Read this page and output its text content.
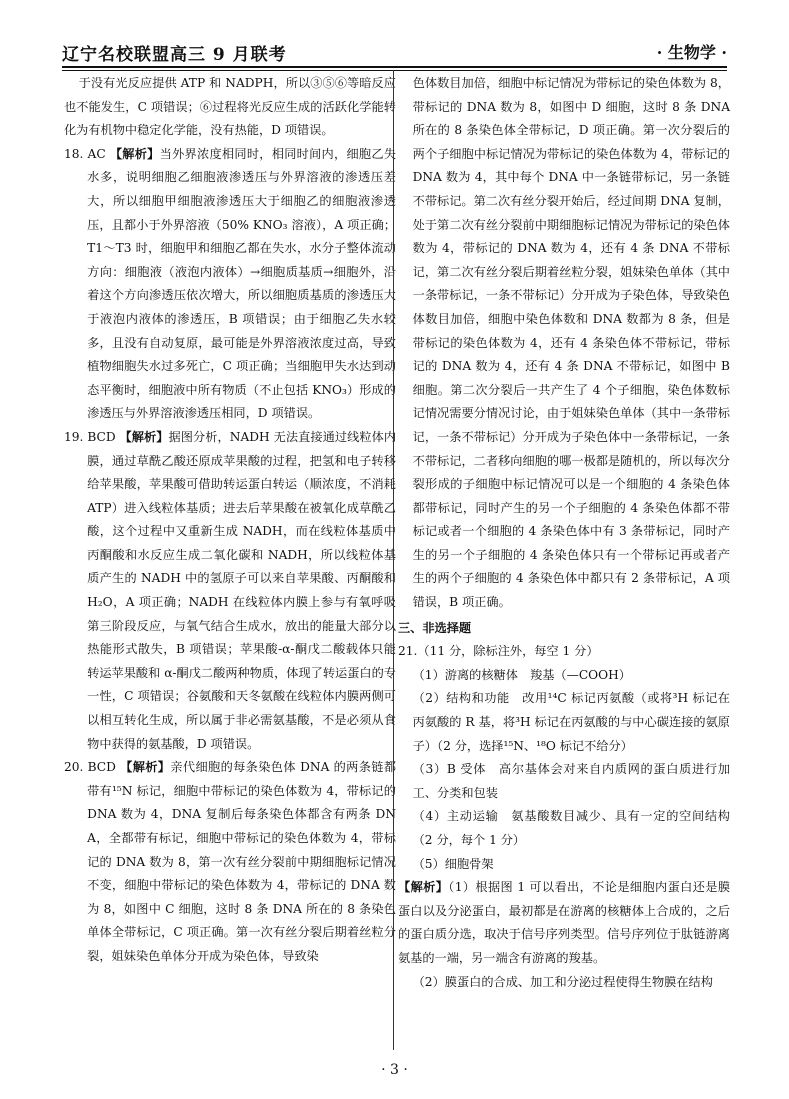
辽宁名校联盟高三 9 月联考	· 生物学 ·

于没有光反应提供 ATP 和 NADPH，所以③⑤⑥等暗反应也不能发生，C 项错误；⑥过程将光反应生成的活跃化学能转化为有机物中稳定化学能，没有热能，D 项错误。

18. AC 【解析】当外界浓度相同时，相同时间内，细胞乙失水多，说明细胞乙细胞液渗透压与外界溶液的渗透压差大，所以细胞甲细胞液渗透压大于细胞乙的细胞液渗透压，且都小于外界溶液（50% KNO₃ 溶液），A 项正确；T1～T3 时，细胞甲和细胞乙都在失水，水分子整体流动方向：细胞液（液泡内液体）→细胞质基质→细胞外，沿着这个方向渗透压依次增大，所以细胞质基质的渗透压大于液泡内液体的渗透压，B 项错误；由于细胞乙失水较多，且没有自动复原，最可能是外界溶液浓度过高，导致植物细胞失水过多死亡，C 项正确；当细胞甲失水达到动态平衡时，细胞液中所有物质（不止包括 KNO₃）形成的渗透压与外界溶液渗透压相同，D 项错误。

19. BCD 【解析】据图分析，NADH 无法直接通过线粒体内膜，通过草酰乙酸还原成苹果酸的过程，把氢和电子转移给苹果酸，苹果酸可借助转运蛋白转运（顺浓度，不消耗 ATP）进入线粒体基质；进去后苹果酸在被氧化成草酰乙酸，这个过程中又重新生成 NADH，而在线粒体基质中丙酮酸和水反应生成二氧化碳和 NADH，所以线粒体基质产生的 NADH 中的氢原子可以来自苹果酸、丙酮酸和 H₂O，A 项正确；NADH 在线粒体内膜上参与有氧呼吸第三阶段反应，与氧气结合生成水，放出的能量大部分以热能形式散失，B 项错误；苹果酸-α-酮戊二酸载体只能转运苹果酸和 α-酮戊二酸两种物质，体现了转运蛋白的专一性，C 项错误；谷氨酸和天冬氨酸在线粒体内膜两侧可以相互转化生成，所以属于非必需氨基酸，不是必须从食物中获得的氨基酸，D 项错误。

20. BCD 【解析】亲代细胞的每条染色体 DNA 的两条链都带有¹⁵N 标记，细胞中带标记的染色体数为 4，带标记的 DNA 数为 4，DNA 复制后每条染色体都含有两条 DNA，全都带有标记，细胞中带标记的染色体数为 4，带标记的 DNA 数为 8，第一次有丝分裂前中期细胞标记情况不变，细胞中带标记的染色体数为 4，带标记的 DNA 数为 8，如图中 C 细胞，这时 8 条 DNA 所在的 8 条染色单体全带标记，C 项正确。第一次有丝分裂后期着丝粒分裂，姐妹染色单体分开成为染色体，导致染

色体数目加倍，细胞中标记情况为带标记的染色体数为 8，带标记的 DNA 数为 8，如图中 D 细胞，这时 8 条 DNA 所在的 8 条染色体全带标记，D 项正确。第一次分裂后的两个子细胞中标记情况为带标记的染色体数为 4，带标记的 DNA 数为 4，其中每个 DNA 中一条链带标记，另一条链不带标记。第二次有丝分裂开始后，经过间期 DNA 复制，处于第二次有丝分裂前中期细胞标记情况为带标记的染色体数为 4，带标记的 DNA 数为 4，还有 4 条 DNA 不带标记，第二次有丝分裂后期着丝粒分裂，姐妹染色单体（其中一条带标记，一条不带标记）分开成为子染色体，导致染色体数目加倍，细胞中染色体数和 DNA 数都为 8 条，但是带标记的染色体数为 4，还有 4 条染色体不带标记，带标记的 DNA 数为 4，还有 4 条 DNA 不带标记，如图中 B 细胞。第二次分裂后一共产生了 4 个子细胞，染色体数标记情况需要分情况讨论，由于姐妹染色单体（其中一条带标记，一条不带标记）分开成为子染色体中一条带标记，一条不带标记，二者移向细胞的哪一极都是随机的，所以每次分裂形成的子细胞中标记情况可以是一个细胞的 4 条染色体都带标记，同时产生的另一个子细胞的 4 条染色体都不带标记或者一个细胞的 4 条染色体中有 3 条带标记，同时产生的另一个子细胞的 4 条染色体只有一个带标记再或者产生的两个子细胞的 4 条染色体中都只有 2 条带标记，A 项错误，B 项正确。

三、非选择题

21.（11 分，除标注外，每空 1 分）

（1）游离的核糖体　羧基（—COOH）

（2）结构和功能　改用¹⁴C 标记丙氨酸（或将³H 标记在丙氨酸的 R 基，将³H 标记在丙氨酸的与中心碳连接的氨原子）（2 分，选择¹⁵N、¹⁸O 标记不给分）

（3）B 受体　高尔基体会对来自内质网的蛋白质进行加工、分类和包装

（4）主动运输　氨基酸数目减少、具有一定的空间结构（2 分，每个 1 分）

（5）细胞骨架

【解析】（1）根据图 1 可以看出，不论是细胞内蛋白还是膜蛋白以及分泌蛋白，最初都是在游离的核糖体上合成的，之后的蛋白质分选，取决于信号序列类型。信号序列位于肽链游离氨基的一端，另一端含有游离的羧基。

（2）膜蛋白的合成、加工和分泌过程使得生物膜在结构

· 3 ·
